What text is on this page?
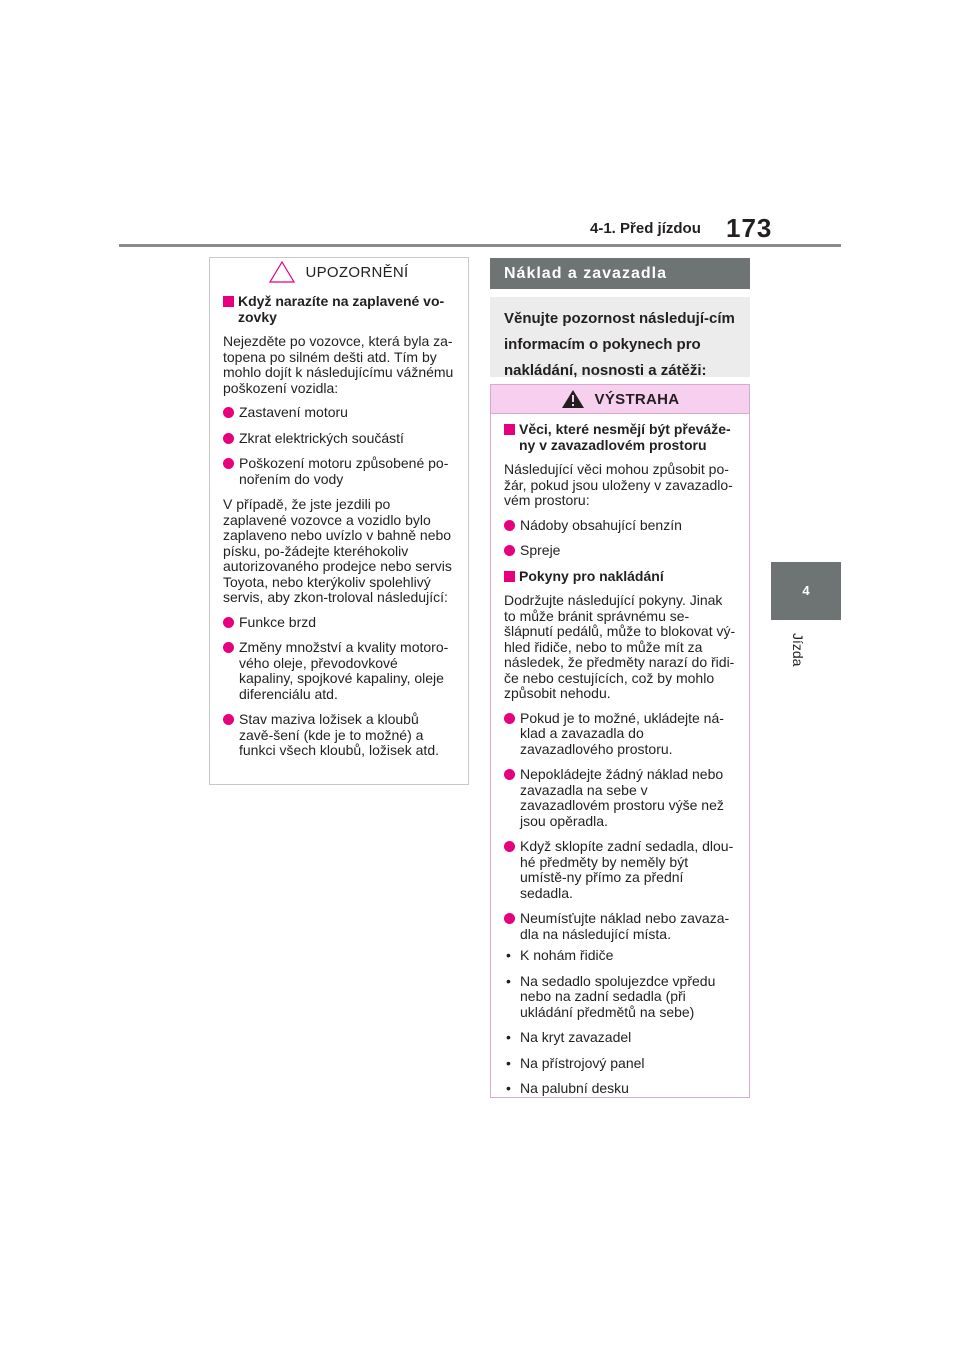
4-1. Před jízdou 173
4
Jízda
UPOZORNĚNÍ

Když narazíte na zaplavené vo-zovky

Nejezděte po vozovce, která byla za-topena po silném dešti atd. Tím by mohlo dojít k následujícímu vážnému poškození vozidla:

Zastavení motoru
Zkrat elektrických součástí
Poškození motoru způsobené po-nořením do vody

V případě, že jste jezdili po zaplavené vozovce a vozidlo bylo zaplaveno nebo uvízlo v bahně nebo písku, po-žádejte kteréhokoliv autorizovaného prodejce nebo servis Toyota, nebo kterýkoliv spolehlivý servis, aby zkon-troloval následující:

Funkce brzd
Změny množství a kvality motoro-vého oleje, převodovkové kapaliny, spojkové kapaliny, oleje diferenciálu atd.
Stav maziva ložisek a kloubů zavě-šení (kde je to možné) a funkci všech kloubů, ložisek atd.
Náklad a zavazadla
Věnujte pozornost následují-cím informacím o pokynech pro nakládání, nosnosti a zátěži:
VÝSTRAHA

Věci, které nesmějí být převáže-ny v zavazadlovém prostoru

Následující věci mohou způsobit po-žár, pokud jsou uloženy v zavazadlo-vém prostoru:

Nádoby obsahující benzín
Spreje

Pokyny pro nakládání

Dodržujte následující pokyny. Jinak to může bránit správnému se-šlápnutí pedálů, může to blokovat vý-hled řidiče, nebo to může mít za následek, že předměty narazí do řidi-če nebo cestujících, což by mohlo způsobit nehodu.

Pokud je to možné, ukládejte ná-klad a zavazadla do zavazadlového prostoru.
Nepokládejte žádný náklad nebo zavazadla na sebe v zavazadlovém prostoru výše než jsou opěradla.
Když sklopíte zadní sedadla, dlou-hé předměty by neměly být umístě-ny přímo za přední sedadla.
Neumísťujte náklad nebo zavaza-dla na následující místa.
• K nohám řidiče
• Na sedadlo spolujezdce vpředu nebo na zadní sedadla (při ukládání předmětů na sebe)
• Na kryt zavazadel
• Na přístrojový panel
• Na palubní desku
